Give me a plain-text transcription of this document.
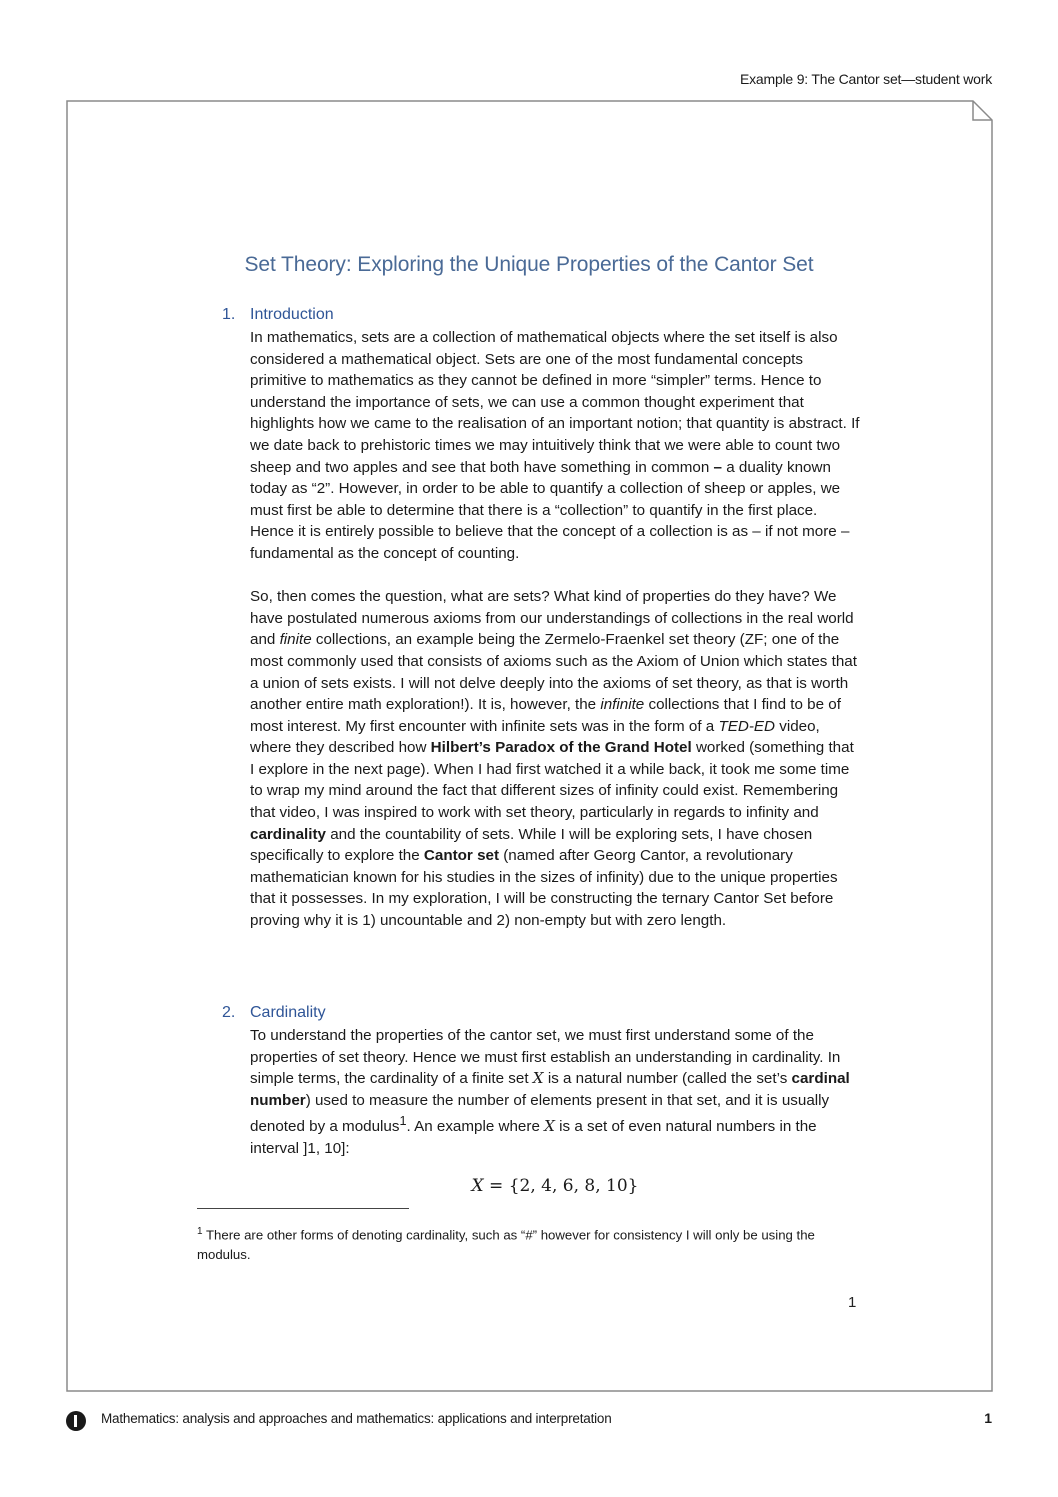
Example 9: The Cantor set—student work
Set Theory: Exploring the Unique Properties of the Cantor Set
1. Introduction

In mathematics, sets are a collection of mathematical objects where the set itself is also considered a mathematical object. Sets are one of the most fundamental concepts primitive to mathematics as they cannot be defined in more “simpler” terms. Hence to understand the importance of sets, we can use a common thought experiment that highlights how we came to the realisation of an important notion; that quantity is abstract. If we date back to prehistoric times we may intuitively think that we were able to count two sheep and two apples and see that both have something in common – a duality known today as “2”. However, in order to be able to quantify a collection of sheep or apples, we must first be able to determine that there is a “collection” to quantify in the first place. Hence it is entirely possible to believe that the concept of a collection is as – if not more – fundamental as the concept of counting.

So, then comes the question, what are sets? What kind of properties do they have? We have postulated numerous axioms from our understandings of collections in the real world and finite collections, an example being the Zermelo-Fraenkel set theory (ZF; one of the most commonly used that consists of axioms such as the Axiom of Union which states that a union of sets exists. I will not delve deeply into the axioms of set theory, as that is worth another entire math exploration!). It is, however, the infinite collections that I find to be of most interest. My first encounter with infinite sets was in the form of a TED-ED video, where they described how Hilbert’s Paradox of the Grand Hotel worked (something that I explore in the next page). When I had first watched it a while back, it took me some time to wrap my mind around the fact that different sizes of infinity could exist. Remembering that video, I was inspired to work with set theory, particularly in regards to infinity and cardinality and the countability of sets. While I will be exploring sets, I have chosen specifically to explore the Cantor set (named after Georg Cantor, a revolutionary mathematician known for his studies in the sizes of infinity) due to the unique properties that it possesses. In my exploration, I will be constructing the ternary Cantor Set before proving why it is 1) uncountable and 2) non-empty but with zero length.

2. Cardinality

To understand the properties of the cantor set, we must first understand some of the properties of set theory. Hence we must first establish an understanding in cardinality. In simple terms, the cardinality of a finite set X is a natural number (called the set’s cardinal number) used to measure the number of elements present in that set, and it is usually denoted by a modulus$^1$. An example where X is a set of even natural numbers in the interval ]1, 10]:

X = {2, 4, 6, 8, 10}
$^1$ There are other forms of denoting cardinality, such as “#” however for consistency I will only be using the modulus.
1
Mathematics: analysis and approaches and mathematics: applications and interpretation	1
